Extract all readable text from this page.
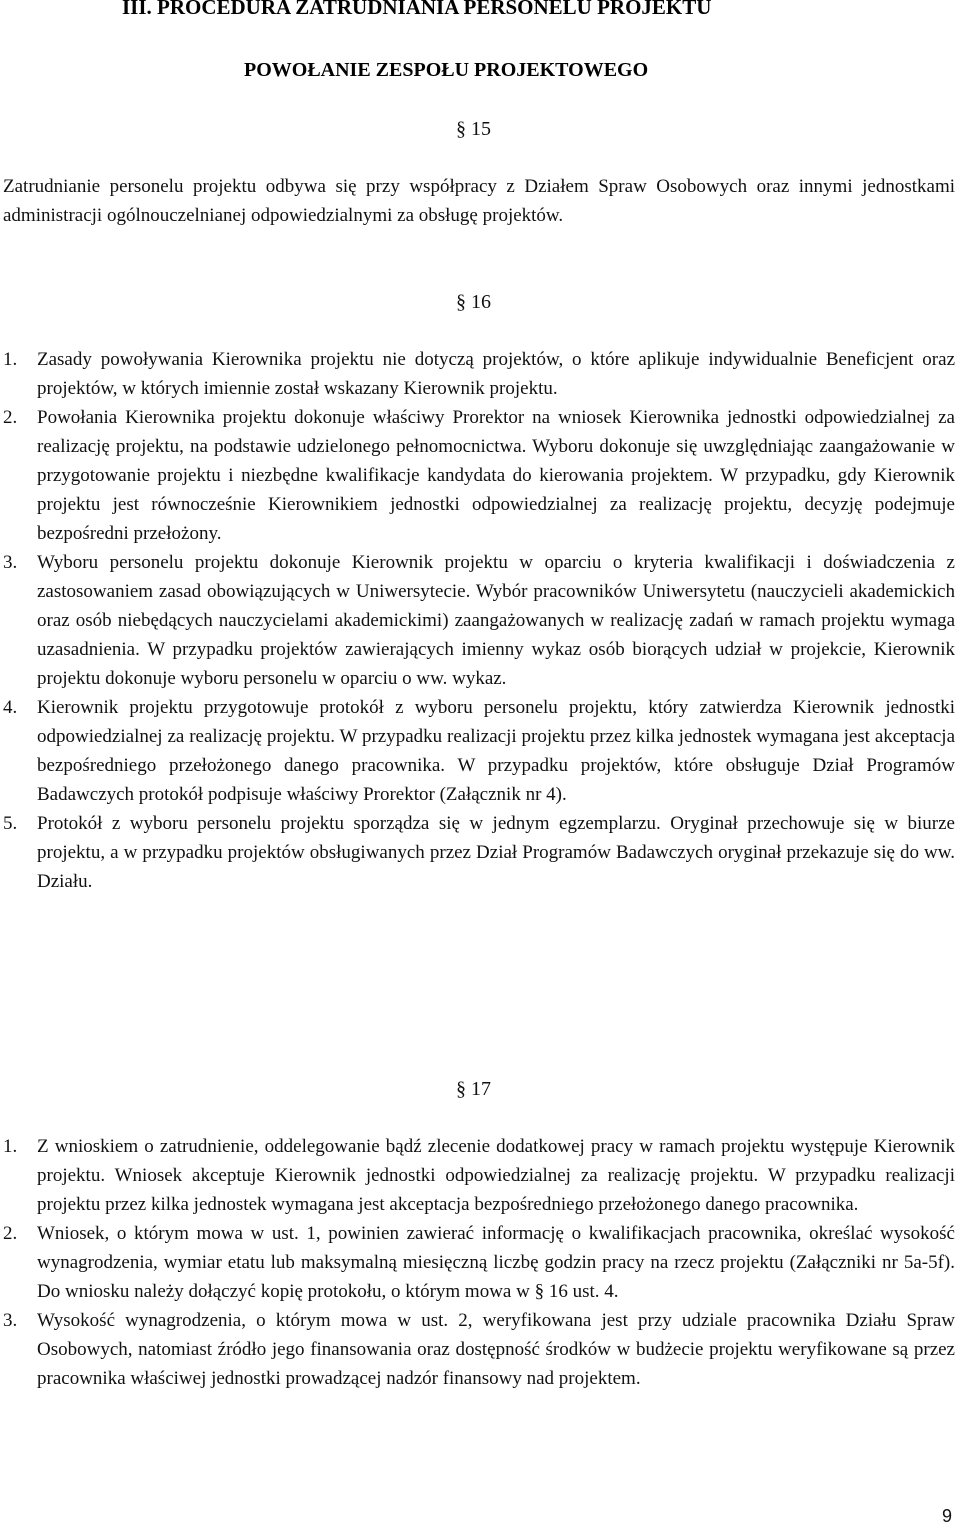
III. PROCEDURA ZATRUDNIANIA PERSONELU PROJEKTU
POWOŁANIE ZESPOŁU PROJEKTOWEGO
§ 15
Zatrudnianie personelu projektu odbywa się przy współpracy z Działem Spraw Osobowych oraz innymi jednostkami administracji ogólnouczelnianej odpowiedzialnymi za obsługę projektów.
§ 16
1. Zasady powoływania Kierownika projektu nie dotyczą projektów, o które aplikuje indywidualnie Beneficjent oraz projektów, w których imiennie został wskazany Kierownik projektu.
2. Powołania Kierownika projektu dokonuje właściwy Prorektor na wniosek Kierownika jednostki odpowiedzialnej za realizację projektu, na podstawie udzielonego pełnomocnictwa. Wyboru dokonuje się uwzględniając zaangażowanie w przygotowanie projektu i niezbędne kwalifikacje kandydata do kierowania projektem. W przypadku, gdy Kierownik projektu jest równocześnie Kierownikiem jednostki odpowiedzialnej za realizację projektu, decyzję podejmuje bezpośredni przełożony.
3. Wyboru personelu projektu dokonuje Kierownik projektu w oparciu o kryteria kwalifikacji i doświadczenia z zastosowaniem zasad obowiązujących w Uniwersytecie. Wybór pracowników Uniwersytetu (nauczycieli akademickich oraz osób niebędących nauczycielami akademickimi) zaangażowanych w realizację zadań w ramach projektu wymaga uzasadnienia. W przypadku projektów zawierających imienny wykaz osób biorących udział w projekcie, Kierownik projektu dokonuje wyboru personelu w oparciu o ww. wykaz.
4. Kierownik projektu przygotowuje protokół z wyboru personelu projektu, który zatwierdza Kierownik jednostki odpowiedzialnej za realizację projektu. W przypadku realizacji projektu przez kilka jednostek wymagana jest akceptacja bezpośredniego przełożonego danego pracownika. W przypadku projektów, które obsługuje Dział Programów Badawczych protokół podpisuje właściwy Prorektor (Załącznik nr 4).
5. Protokół z wyboru personelu projektu sporządza się w jednym egzemplarzu. Oryginał przechowuje się w biurze projektu, a w przypadku projektów obsługiwanych przez Dział Programów Badawczych oryginał przekazuje się do ww. Działu.
§ 17
1. Z wnioskiem o zatrudnienie, oddelegowanie bądź zlecenie dodatkowej pracy w ramach projektu występuje Kierownik projektu. Wniosek akceptuje Kierownik jednostki odpowiedzialnej za realizację projektu. W przypadku realizacji projektu przez kilka jednostek wymagana jest akceptacja bezpośredniego przełożonego danego pracownika.
2. Wniosek, o którym mowa w ust. 1, powinien zawierać informację o kwalifikacjach pracownika, określać wysokość wynagrodzenia, wymiar etatu lub maksymalną miesięczną liczbę godzin pracy na rzecz projektu (Załączniki nr 5a-5f). Do wniosku należy dołączyć kopię protokołu, o którym mowa w § 16 ust. 4.
3. Wysokość wynagrodzenia, o którym mowa w ust. 2, weryfikowana jest przy udziale pracownika Działu Spraw Osobowych, natomiast źródło jego finansowania oraz dostępność środków w budżecie projektu weryfikowane są przez pracownika właściwej jednostki prowadzącej nadzór finansowy nad projektem.
9
